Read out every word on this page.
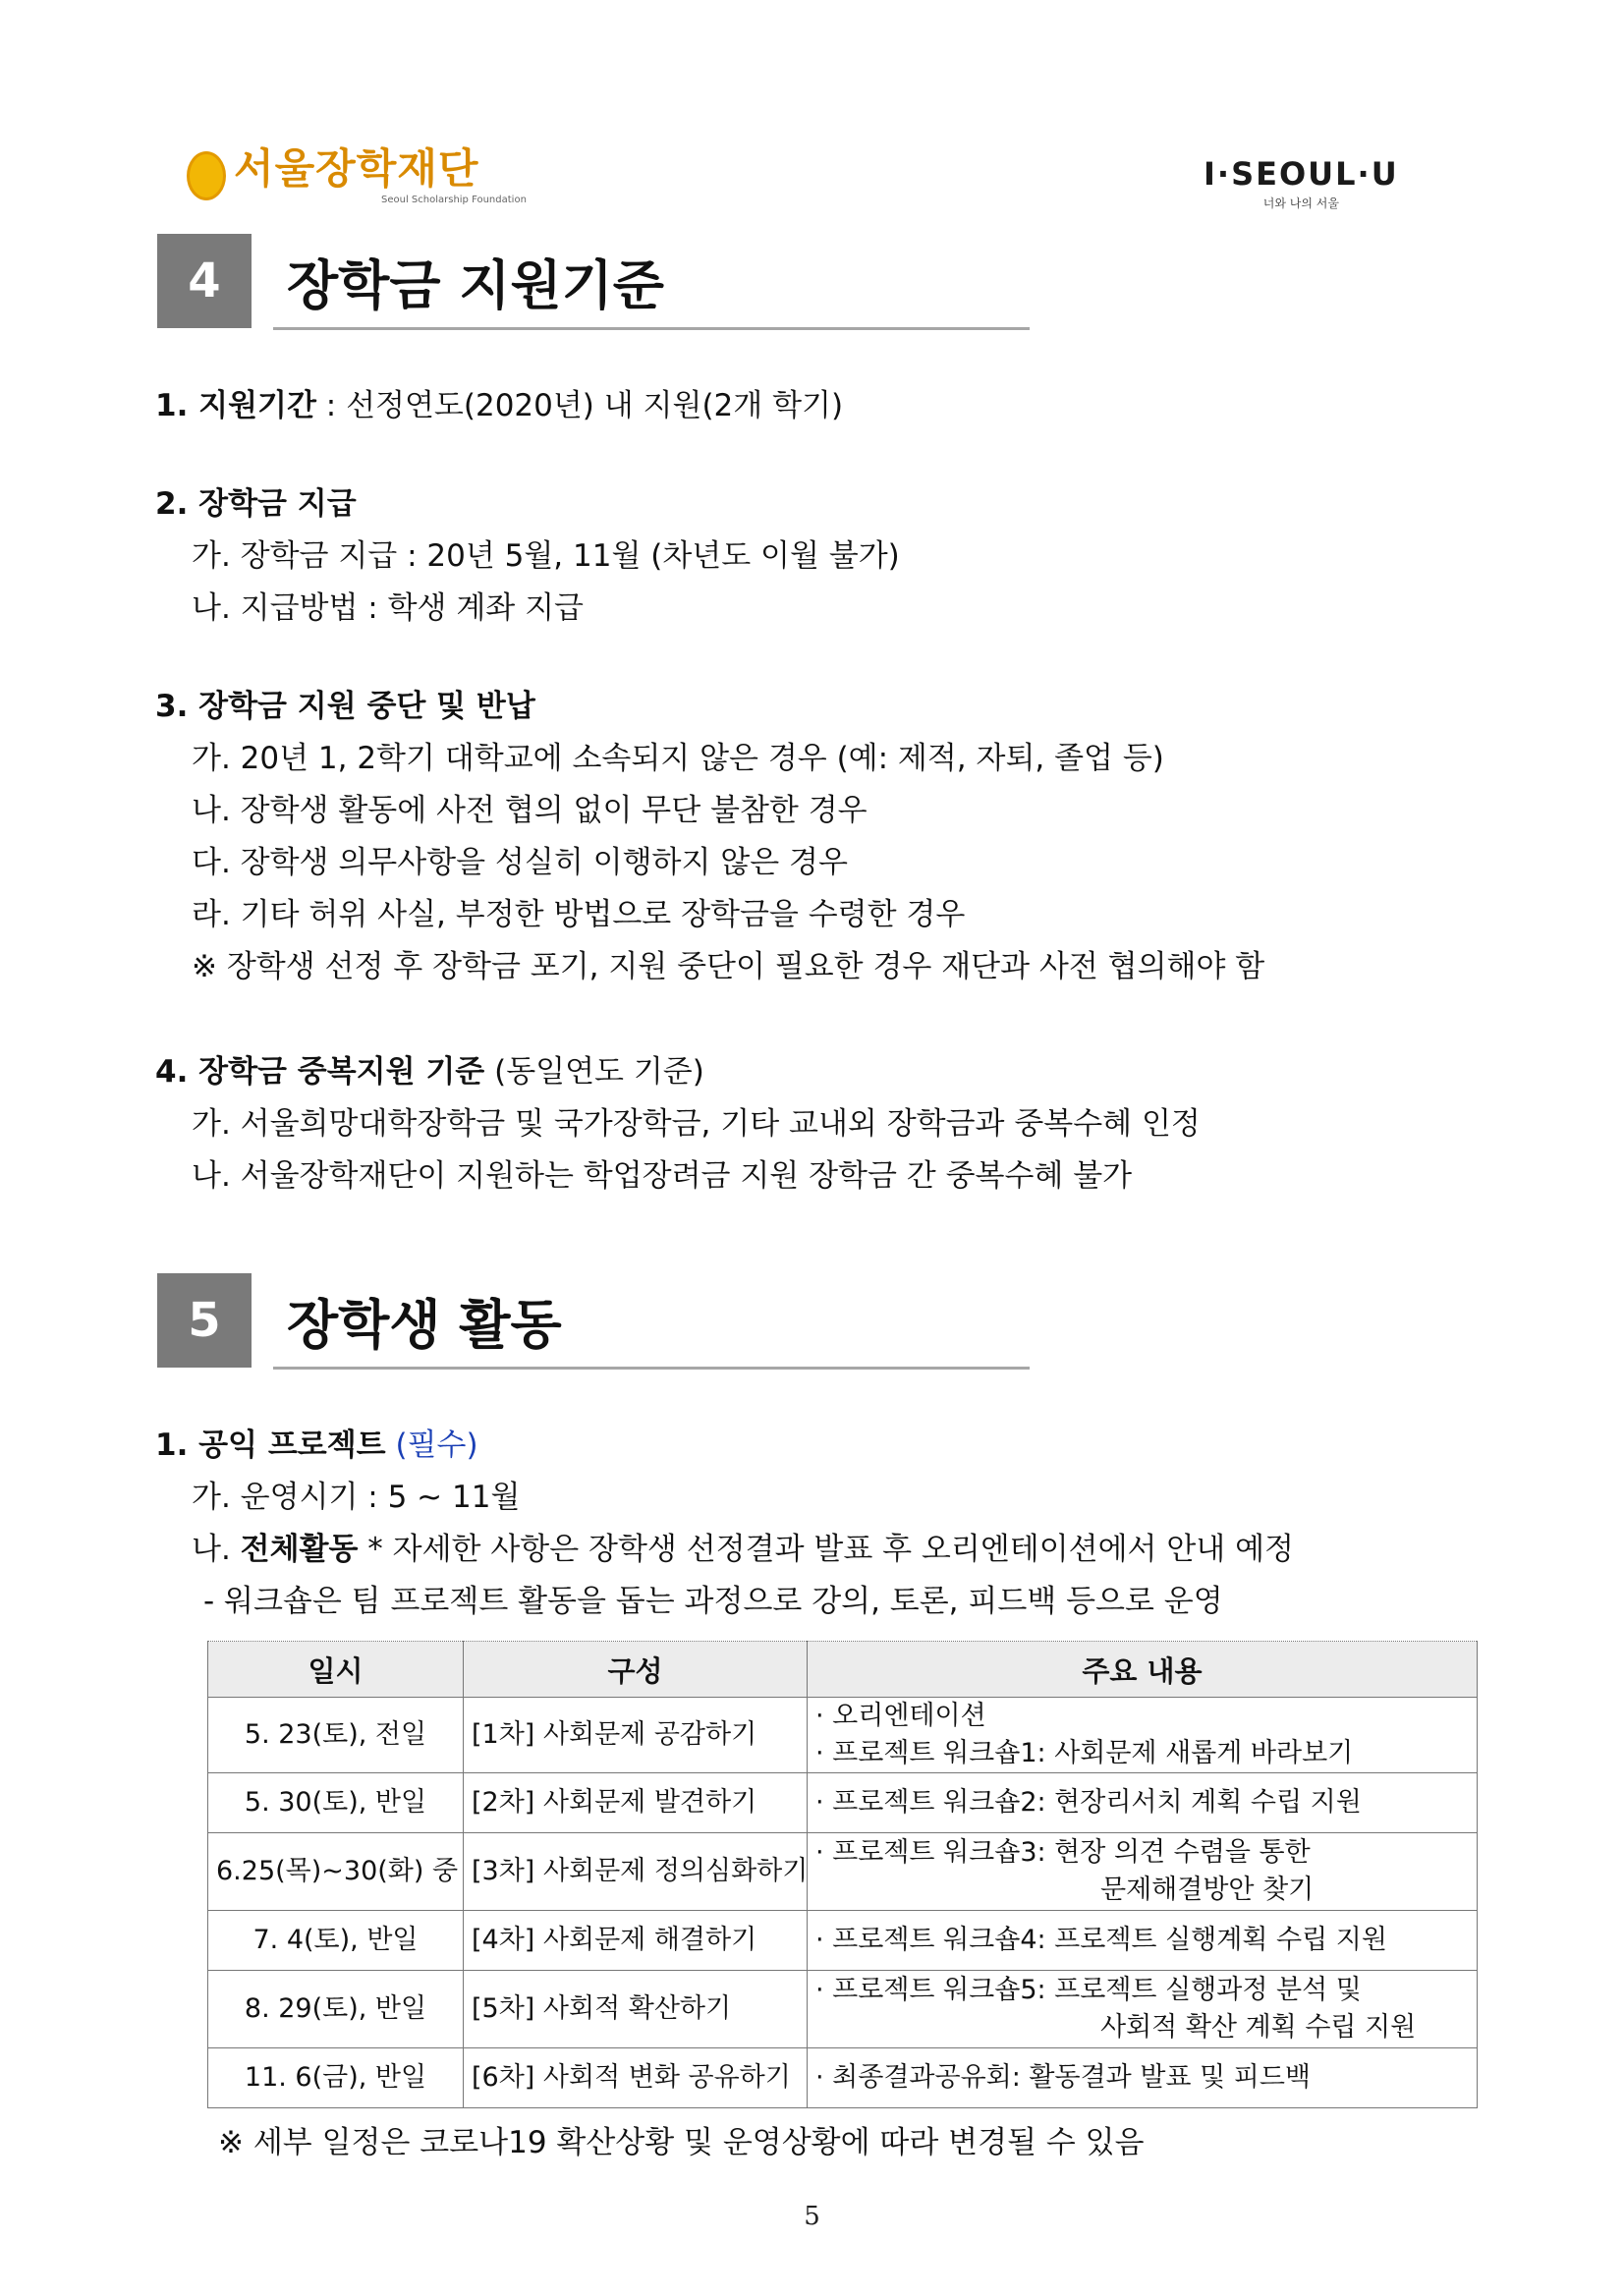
서울장학재단
Seoul Scholarship Foundation
I·SEOUL·U
너와 나의 서울
4	장학금 지원기준
1. 지원기간 : 선정연도(2020년) 내 지원(2개 학기)
2. 장학금 지급
가. 장학금 지급 : 20년 5월, 11월 (차년도 이월 불가)
나. 지급방법 : 학생 계좌 지급
3. 장학금 지원 중단 및 반납
가. 20년 1, 2학기 대학교에 소속되지 않은 경우 (예: 제적, 자퇴, 졸업 등)
나. 장학생 활동에 사전 협의 없이 무단 불참한 경우
다. 장학생 의무사항을 성실히 이행하지 않은 경우
라. 기타 허위 사실, 부정한 방법으로 장학금을 수령한 경우
※ 장학생 선정 후 장학금 포기, 지원 중단이 필요한 경우 재단과 사전 협의해야 함
4. 장학금 중복지원 기준 (동일연도 기준)
가. 서울희망대학장학금 및 국가장학금, 기타 교내외 장학금과 중복수혜 인정
나. 서울장학재단이 지원하는 학업장려금 지원 장학금 간 중복수혜 불가
5	장학생 활동
1. 공익 프로젝트 (필수)
가. 운영시기 : 5 ~ 11월
나. 전체활동 * 자세한 사항은 장학생 선정결과 발표 후 오리엔테이션에서 안내 예정
- 워크숍은 팀 프로젝트 활동을 돕는 과정으로 강의, 토론, 피드백 등으로 운영
일시	구성	주요 내용
5. 23(토), 전일	[1차] 사회문제 공감하기	· 오리엔테이션
· 프로젝트 워크숍1: 사회문제 새롭게 바라보기

5. 30(토), 반일	[2차] 사회문제 발견하기	· 프로젝트 워크숍2: 현장리서치 계획 수립 지원

6.25(목)~30(화) 중	[3차] 사회문제 정의심화하기	· 프로젝트 워크숍3: 현장 의견 수렴을 통한
문제해결방안 찾기

7. 4(토), 반일	[4차] 사회문제 해결하기	· 프로젝트 워크숍4: 프로젝트 실행계획 수립 지원

8. 29(토), 반일	[5차] 사회적 확산하기	· 프로젝트 워크숍5: 프로젝트 실행과정 분석 및
사회적 확산 계획 수립 지원

11. 6(금), 반일	[6차] 사회적 변화 공유하기	· 최종결과공유회: 활동결과 발표 및 피드백
※ 세부 일정은 코로나19 확산상황 및 운영상황에 따라 변경될 수 있음
5
